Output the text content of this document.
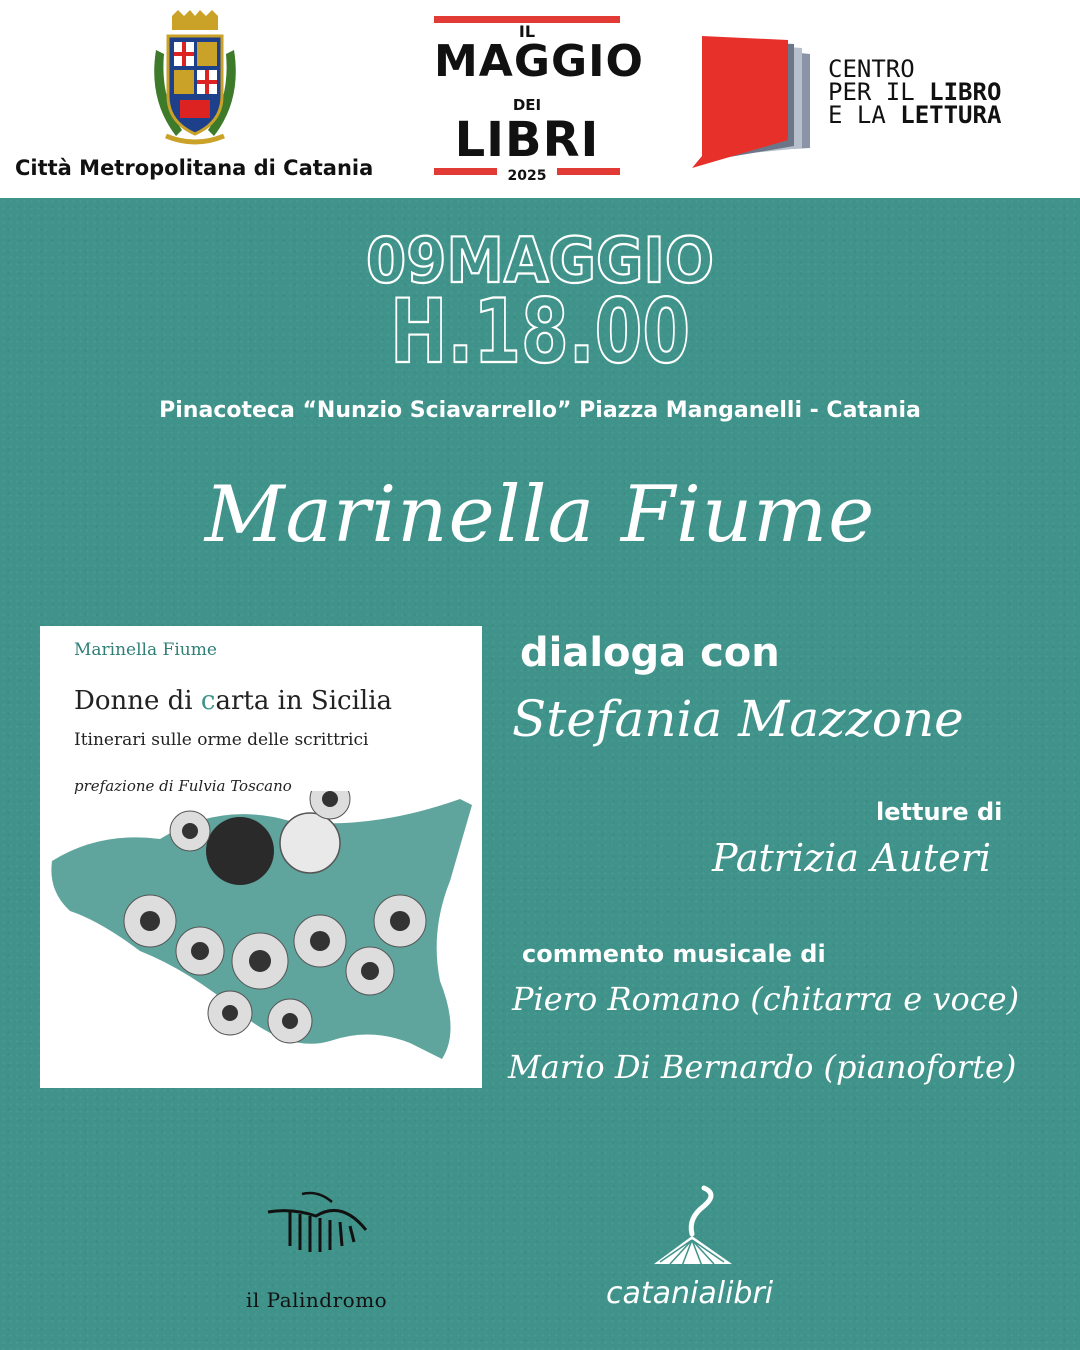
Città Metropolitana di Catania
IL
MAGGIO
DEI
LIBRI
2025
CENTRO
PER IL LIBRO
E LA LETTURA
09MAGGIO
H.18.00
Pinacoteca “Nunzio Sciavarrello” Piazza Manganelli - Catania
Marinella Fiume
Marinella Fiume
Donne di carta in Sicilia
Itinerari sulle orme delle scrittrici
prefazione di Fulvia Toscano
dialoga con
Stefania Mazzone
letture di
Patrizia Auteri
commento musicale di
Piero Romano (chitarra e voce)
Mario Di Bernardo (pianoforte)
il Palindromo	catanialibri
